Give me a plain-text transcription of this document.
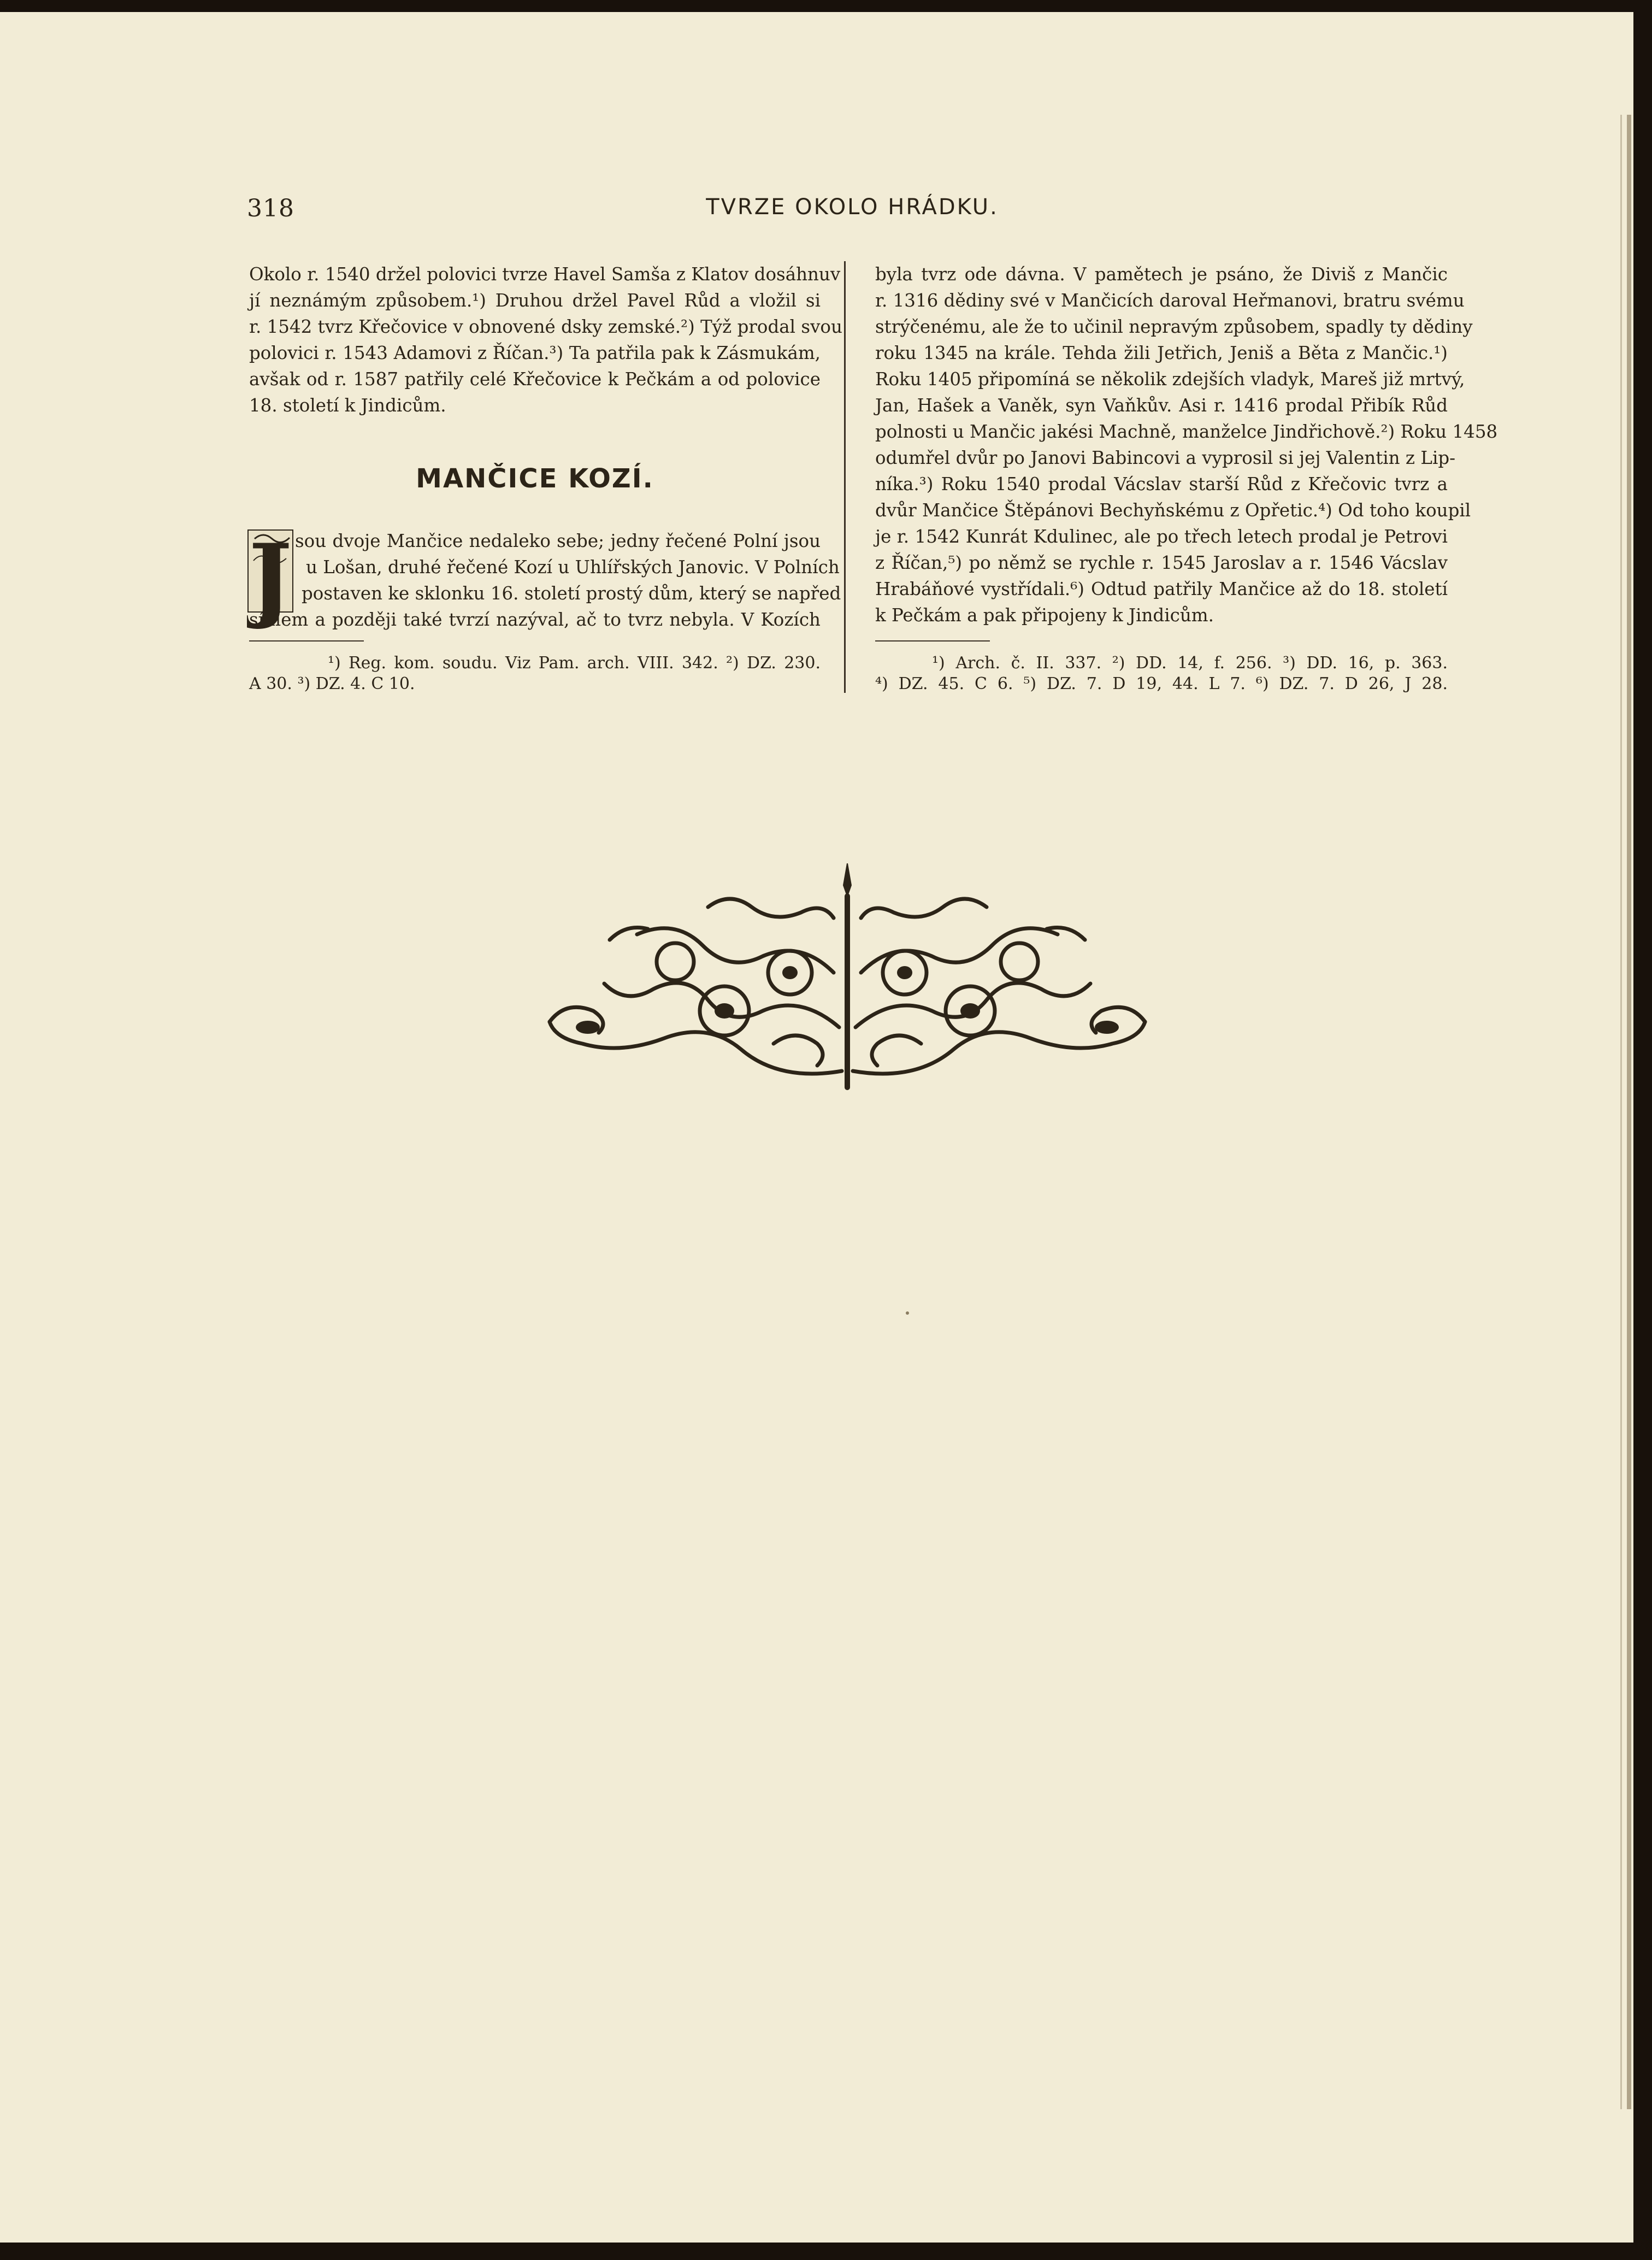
318	TVRZE OKOLO HRÁDKU.
Okolo r. 1540 držel polovici tvrze Havel Samša z Klatov dosáhnuv
jí neznámým způsobem.¹) Druhou držel Pavel Růd a vložil si
r. 1542 tvrz Křečovice v obnovené dsky zemské.²) Týž prodal svou
polovici r. 1543 Adamovi z Říčan.³) Ta patřila pak k Zásmukám,
avšak od r. 1587 patřily celé Křečovice k Pečkám a od polovice
18. století k Jindicům.
MANČICE KOZÍ.
J sou dvoje Mančice nedaleko sebe; jedny řečené Polní jsou
u Lošan, druhé řečené Kozí u Uhlířských Janovic. V Polních
postaven ke sklonku 16. století prostý dům, který se napřed
sídlem a později také tvrzí nazýval, ač to tvrz nebyla. V Kozích
¹) Reg. kom. soudu. Viz Pam. arch. VIII. 342. ²) DZ. 230.
A 30. ³) DZ. 4. C 10.
byla tvrz ode dávna. V pamětech je psáno, že Diviš z Mančic
r. 1316 dědiny své v Mančicích daroval Heřmanovi, bratru svému
strýčenému, ale že to učinil nepravým způsobem, spadly ty dědiny
roku 1345 na krále. Tehda žili Jetřich, Jeniš a Běta z Mančic.¹)
Roku 1405 připomíná se několik zdejších vladyk, Mareš již mrtvý,
Jan, Hašek a Vaněk, syn Vaňkův. Asi r. 1416 prodal Přibík Růd
polnosti u Mančic jakési Machně, manželce Jindřichově.²) Roku 1458
odumřel dvůr po Janovi Babincovi a vyprosil si jej Valentin z Lip-
níka.³) Roku 1540 prodal Vácslav starší Růd z Křečovic tvrz a
dvůr Mančice Štěpánovi Bechyňskému z Opřetic.⁴) Od toho koupil
je r. 1542 Kunrát Kdulinec, ale po třech letech prodal je Petrovi
z Říčan,⁵) po němž se rychle r. 1545 Jaroslav a r. 1546 Vácslav
Hrabáňové vystřídali.⁶) Odtud patřily Mančice až do 18. století
k Pečkám a pak připojeny k Jindicům.
¹) Arch. č. II. 337. ²) DD. 14, f. 256. ³) DD. 16, p. 363.
⁴) DZ. 45. C 6. ⁵) DZ. 7. D 19, 44. L 7. ⁶) DZ. 7. D 26, J 28.
